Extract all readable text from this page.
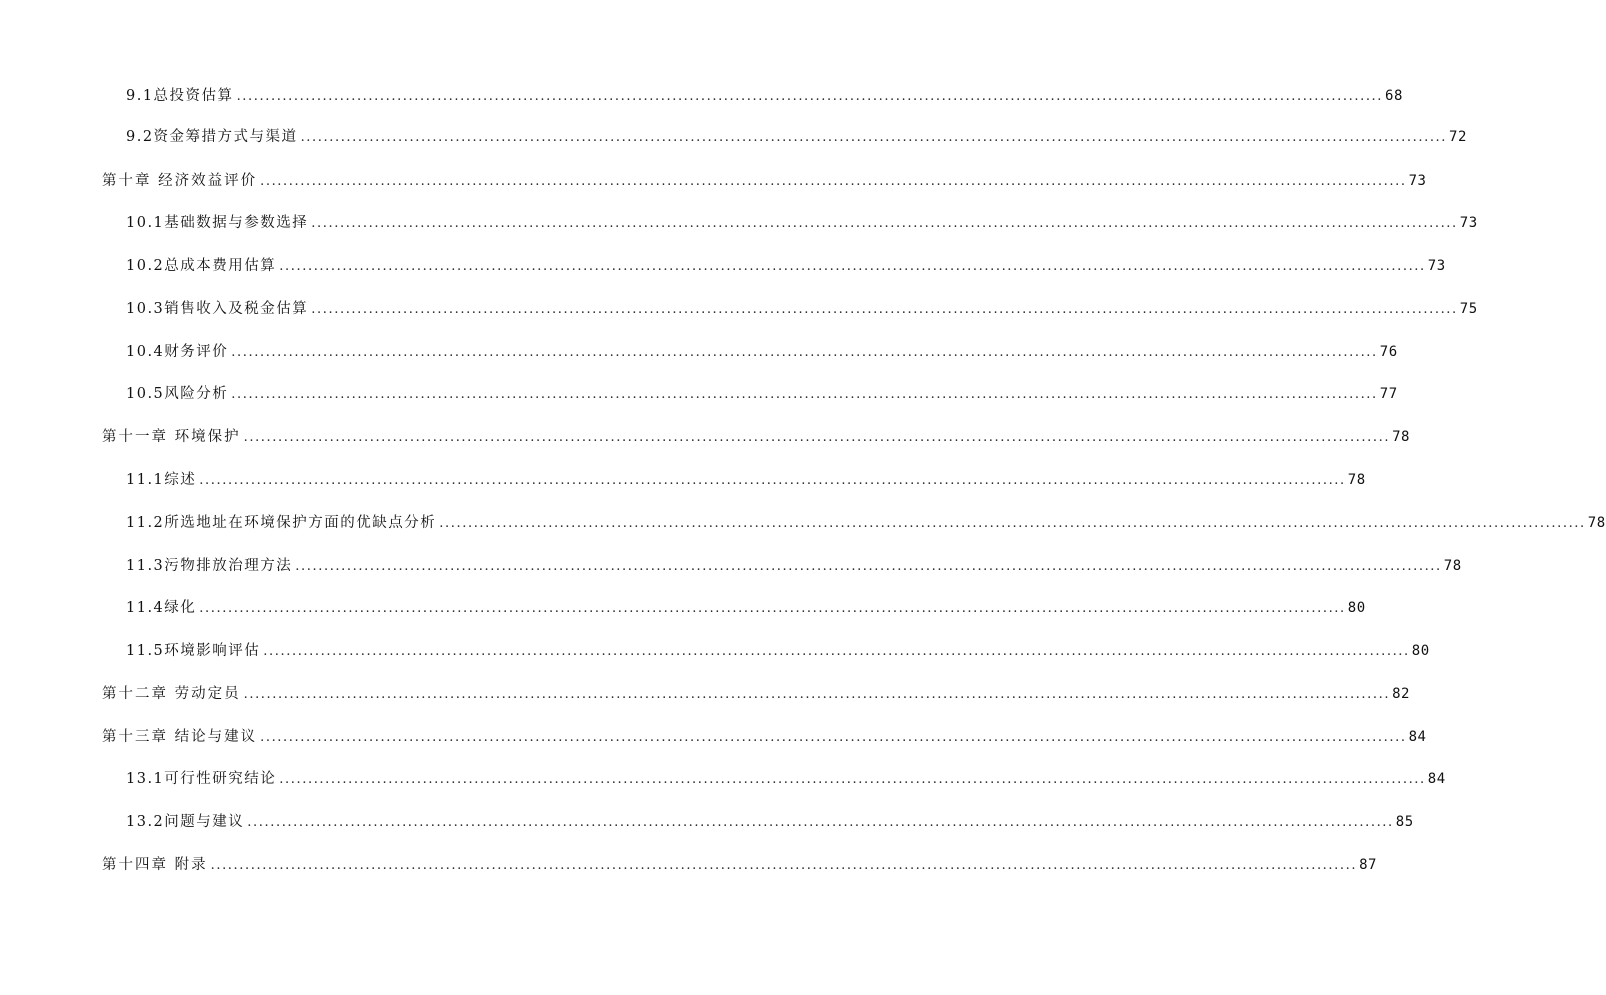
9.1总投资估算 ........................................................................................................................................................................................................ 68
9.2资金筹措方式与渠道 ........................................................................................................................................................................................................ 72
第十章 经济效益评价 ........................................................................................................................................................................................................ 73
10.1基础数据与参数选择 ........................................................................................................................................................................................................ 73
10.2总成本费用估算 ........................................................................................................................................................................................................ 73
10.3销售收入及税金估算 ........................................................................................................................................................................................................ 75
10.4财务评价 ........................................................................................................................................................................................................ 76
10.5风险分析 ........................................................................................................................................................................................................ 77
第十一章 环境保护 ........................................................................................................................................................................................................ 78
11.1综述 ........................................................................................................................................................................................................ 78
11.2所选地址在环境保护方面的优缺点分析 ........................................................................................................................................................................................................ 78
11.3污物排放治理方法 ........................................................................................................................................................................................................ 78
11.4绿化 ........................................................................................................................................................................................................ 80
11.5环境影响评估 ........................................................................................................................................................................................................ 80
第十二章 劳动定员 ........................................................................................................................................................................................................ 82
第十三章 结论与建议 ........................................................................................................................................................................................................ 84
13.1可行性研究结论 ........................................................................................................................................................................................................ 84
13.2问题与建议 ........................................................................................................................................................................................................ 85
第十四章 附录 ........................................................................................................................................................................................................ 87
